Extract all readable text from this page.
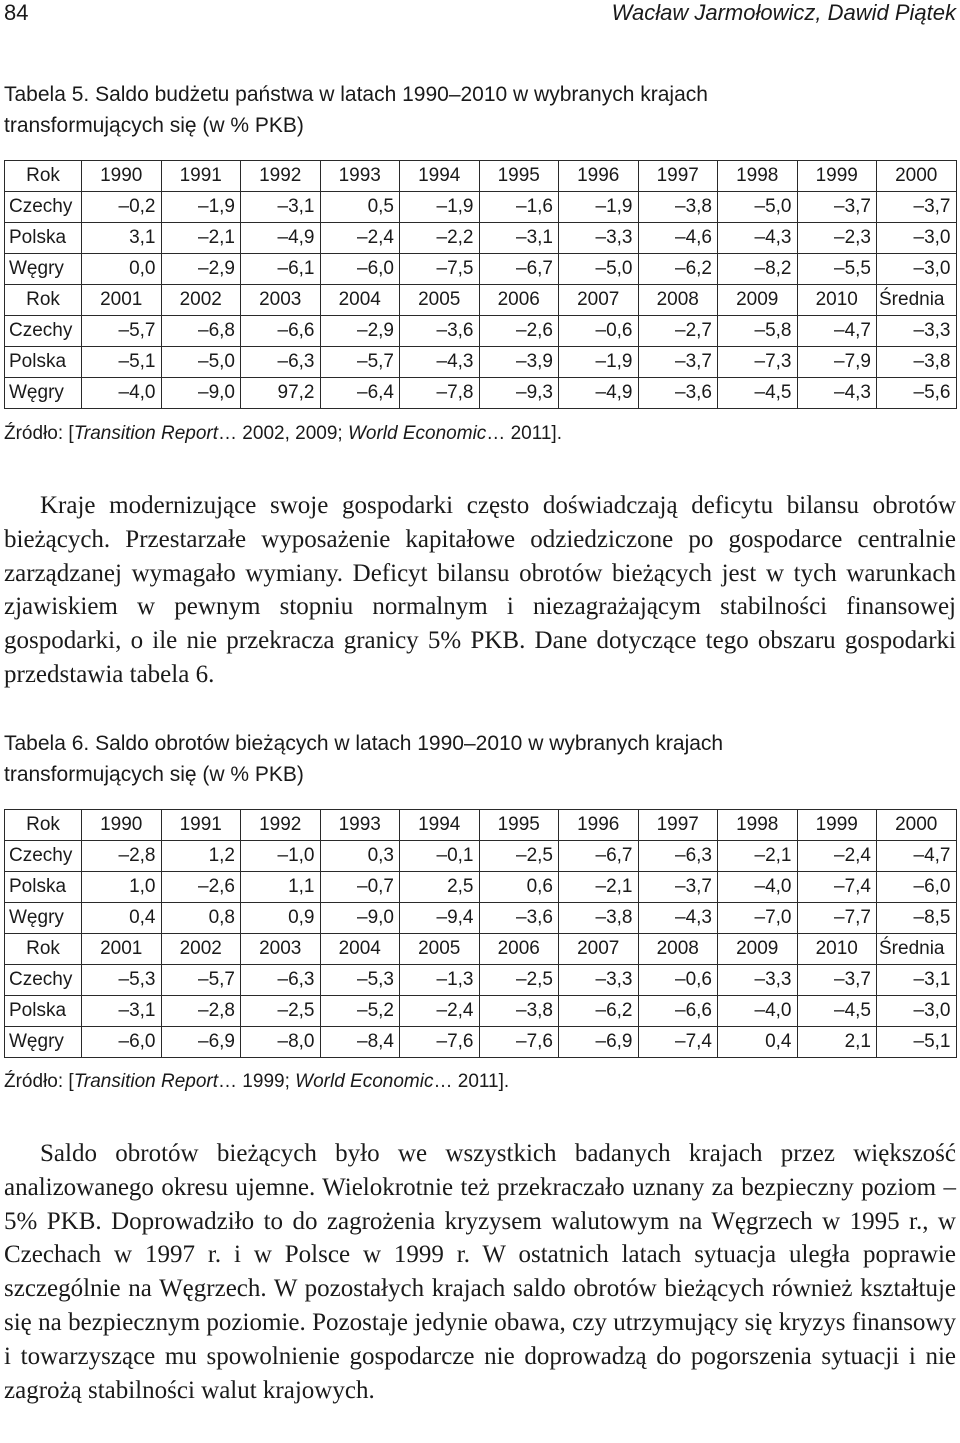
84	Wacław Jarmołowicz, Dawid Piątek
Tabela 5. Saldo budżetu państwa w latach 1990–2010 w wybranych krajach
transformujących się (w % PKB)
Rok	1990	1991	1992	1993	1994	1995	1996	1997	1998	1999	2000
Czechy	–0,2	–1,9	–3,1	0,5	–1,9	–1,6	–1,9	–3,8	–5,0	–3,7	–3,7
Polska	3,1	–2,1	–4,9	–2,4	–2,2	–3,1	–3,3	–4,6	–4,3	–2,3	–3,0
Węgry	0,0	–2,9	–6,1	–6,0	–7,5	–6,7	–5,0	–6,2	–8,2	–5,5	–3,0
Rok	2001	2002	2003	2004	2005	2006	2007	2008	2009	2010	Średnia
Czechy	–5,7	–6,8	–6,6	–2,9	–3,6	–2,6	–0,6	–2,7	–5,8	–4,7	–3,3
Polska	–5,1	–5,0	–6,3	–5,7	–4,3	–3,9	–1,9	–3,7	–7,3	–7,9	–3,8
Węgry	–4,0	–9,0	97,2	–6,4	–7,8	–9,3	–4,9	–3,6	–4,5	–4,3	–5,6
Źródło: [Transition Report… 2002, 2009; World Economic… 2011].

Kraje modernizujące swoje gospodarki często doświadczają deficytu bilansu obrotów bieżących. Przestarzałe wyposażenie kapitałowe odziedziczone po gospodarce centralnie zarządzanej wymagało wymiany. Deficyt bilansu obrotów bieżących jest w tych warunkach zjawiskiem w pewnym stopniu normalnym i niezagrażającym stabilności finansowej gospodarki, o ile nie przekracza granicy 5% PKB. Dane dotyczące tego obszaru gospodarki przedstawia tabela 6.

Tabela 6. Saldo obrotów bieżących w latach 1990–2010 w wybranych krajach
transformujących się (w % PKB)
Rok	1990	1991	1992	1993	1994	1995	1996	1997	1998	1999	2000
Czechy	–2,8	1,2	–1,0	0,3	–0,1	–2,5	–6,7	–6,3	–2,1	–2,4	–4,7
Polska	1,0	–2,6	1,1	–0,7	2,5	0,6	–2,1	–3,7	–4,0	–7,4	–6,0
Węgry	0,4	0,8	0,9	–9,0	–9,4	–3,6	–3,8	–4,3	–7,0	–7,7	–8,5
Rok	2001	2002	2003	2004	2005	2006	2007	2008	2009	2010	Średnia
Czechy	–5,3	–5,7	–6,3	–5,3	–1,3	–2,5	–3,3	–0,6	–3,3	–3,7	–3,1
Polska	–3,1	–2,8	–2,5	–5,2	–2,4	–3,8	–6,2	–6,6	–4,0	–4,5	–3,0
Węgry	–6,0	–6,9	–8,0	–8,4	–7,6	–7,6	–6,9	–7,4	0,4	2,1	–5,1
Źródło: [Transition Report… 1999; World Economic… 2011].

Saldo obrotów bieżących było we wszystkich badanych krajach przez większość analizowanego okresu ujemne. Wielokrotnie też przekraczało uznany za bezpieczny poziom –5% PKB. Doprowadziło to do zagrożenia kryzysem walutowym na Węgrzech w 1995 r., w Czechach w 1997 r. i w Polsce w 1999 r. W ostatnich latach sytuacja uległa poprawie szczególnie na Węgrzech. W pozostałych krajach saldo obrotów bieżących również kształtuje się na bezpiecznym poziomie. Pozostaje jedynie obawa, czy utrzymujący się kryzys finansowy i towarzyszące mu spowolnienie gospodarcze nie doprowadzą do pogorszenia sytuacji i nie zagrożą stabilności walut krajowych.
